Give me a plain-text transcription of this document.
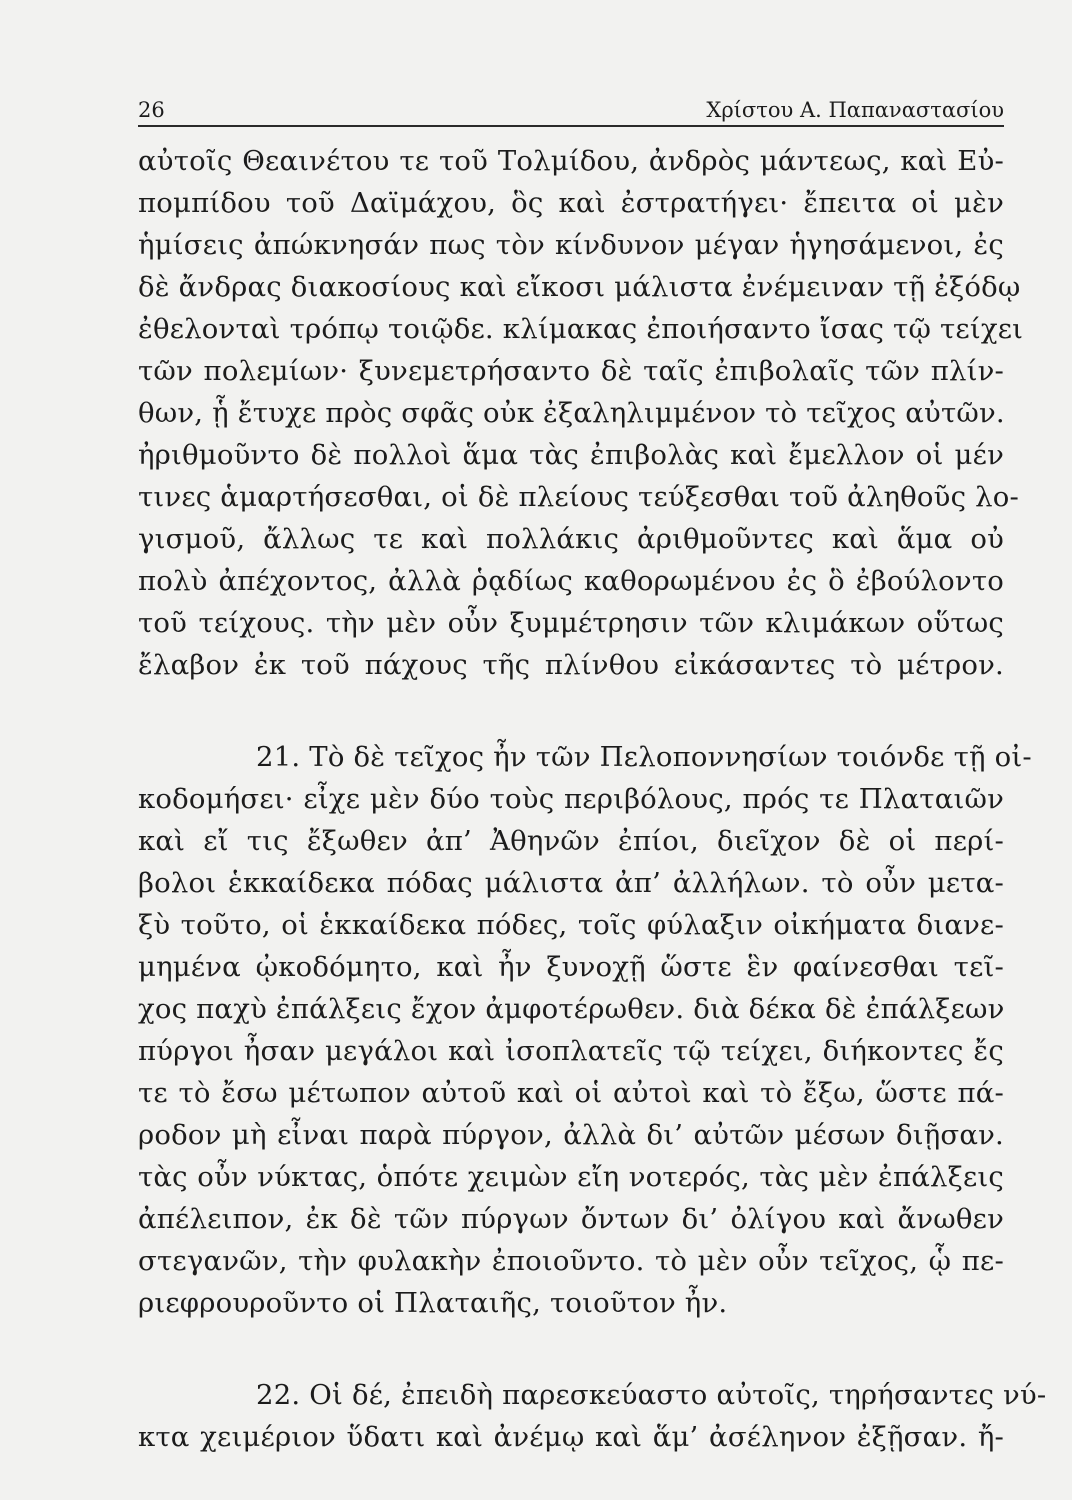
26	Χρίστου Α. Παπαναστασίου
αὐτοῖς Θεαινέτου τε τοῦ Τολμίδου, ἀνδρὸς μάντεως, καὶ Εὐ-
πομπίδου τοῦ Δαϊμάχου, ὃς καὶ ἐστρατήγει· ἔπειτα οἱ μὲν
ἡμίσεις ἀπώκνησάν πως τὸν κίνδυνον μέγαν ἡγησάμενοι, ἐς
δὲ ἄνδρας διακοσίους καὶ εἴκοσι μάλιστα ἐνέμειναν τῇ ἐξόδῳ
ἐθελονταὶ τρόπῳ τοιῷδε. κλίμακας ἐποιήσαντο ἴσας τῷ τείχει
τῶν πολεμίων· ξυνεμετρήσαντο δὲ ταῖς ἐπιβολαῖς τῶν πλίν-
θων, ᾗ ἔτυχε πρὸς σφᾶς οὐκ ἐξαληλιμμένον τὸ τεῖχος αὐτῶν.
ἠριθμοῦντο δὲ πολλοὶ ἅμα τὰς ἐπιβολὰς καὶ ἔμελλον οἱ μέν
τινες ἁμαρτήσεσθαι, οἱ δὲ πλείους τεύξεσθαι τοῦ ἀληθοῦς λο-
γισμοῦ, ἄλλως τε καὶ πολλάκις ἀριθμοῦντες καὶ ἅμα οὐ
πολὺ ἀπέχοντος, ἀλλὰ ῥᾳδίως καθορωμένου ἐς ὃ ἐβούλοντο
τοῦ τείχους. τὴν μὲν οὖν ξυμμέτρησιν τῶν κλιμάκων οὕτως
ἔλαβον ἐκ τοῦ πάχους τῆς πλίνθου εἰκάσαντες τὸ μέτρον.
21. Τὸ δὲ τεῖχος ἦν τῶν Πελοποννησίων τοιόνδε τῇ οἰ-
κοδομήσει· εἶχε μὲν δύο τοὺς περιβόλους, πρός τε Πλαταιῶν
καὶ εἴ τις ἔξωθεν ἀπ’ Ἀθηνῶν ἐπίοι, διεῖχον δὲ οἱ περί-
βολοι ἑκκαίδεκα πόδας μάλιστα ἀπ’ ἀλλήλων. τὸ οὖν μετα-
ξὺ τοῦτο, οἱ ἑκκαίδεκα πόδες, τοῖς φύλαξιν οἰκήματα διανε-
μημένα ᾠκοδόμητο, καὶ ἦν ξυνοχῇ ὥστε ἓν φαίνεσθαι τεῖ-
χος παχὺ ἐπάλξεις ἔχον ἀμφοτέρωθεν. διὰ δέκα δὲ ἐπάλξεων
πύργοι ἦσαν μεγάλοι καὶ ἰσοπλατεῖς τῷ τείχει, διήκοντες ἔς
τε τὸ ἔσω μέτωπον αὐτοῦ καὶ οἱ αὐτοὶ καὶ τὸ ἔξω, ὥστε πά-
ροδον μὴ εἶναι παρὰ πύργον, ἀλλὰ δι’ αὐτῶν μέσων διῇσαν.
τὰς οὖν νύκτας, ὁπότε χειμὼν εἴη νοτερός, τὰς μὲν ἐπάλξεις
ἀπέλειπον, ἐκ δὲ τῶν πύργων ὄντων δι’ ὀλίγου καὶ ἄνωθεν
στεγανῶν, τὴν φυλακὴν ἐποιοῦντο. τὸ μὲν οὖν τεῖχος, ᾧ πε-
ριεφρουροῦντο οἱ Πλαταιῆς, τοιοῦτον ἦν.
22. Οἱ δέ, ἐπειδὴ παρεσκεύαστο αὐτοῖς, τηρήσαντες νύ-
κτα χειμέριον ὕδατι καὶ ἀνέμῳ καὶ ἅμ’ ἀσέληνον ἐξῇσαν. ἤ-
